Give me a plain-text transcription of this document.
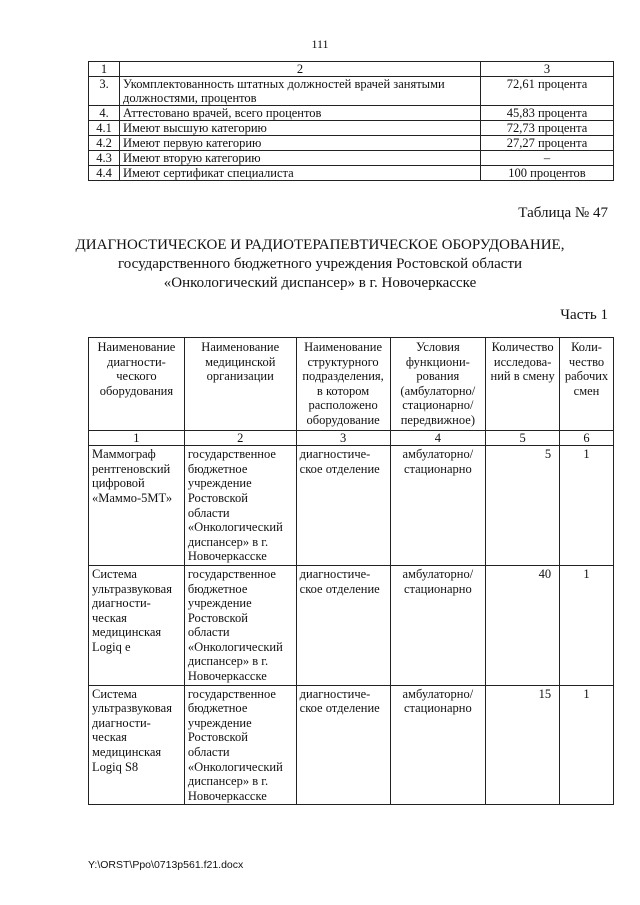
111
1	2	3
3.	Укомплектованность штатных должностей врачей занятыми должностями, процентов	72,61 процента
4.	Аттестовано врачей, всего процентов	45,83 процента
4.1	Имеют высшую категорию	72,73 процента
4.2	Имеют первую категорию	27,27 процента
4.3	Имеют вторую категорию	–
4.4	Имеют сертификат специалиста	100 процентов
Таблица № 47
ДИАГНОСТИЧЕСКОЕ И РАДИОТЕРАПЕВТИЧЕСКОЕ ОБОРУДОВАНИЕ,
государственного бюджетного учреждения Ростовской области
«Онкологический диспансер» в г. Новочеркасске
Часть 1
Наименование диагности-ческого оборудования	Наименование медицинской организации	Наименование структурного подразделения, в котором расположено оборудование	Условия функциони-рования (амбулаторно/ стационарно/ передвижное)	Количество исследова-ний в смену	Коли-чество рабочих смен
1	2	3	4	5	6
Маммограф рентгеновский цифровой «Маммо-5МТ»	государственное бюджетное учреждение Ростовской области «Онкологический диспансер» в г. Новочеркасске	диагностиче-ское отделение	амбулаторно/ стационарно	5	1
Система ультразвуковая диагности-ческая медицинская Logiq e	государственное бюджетное учреждение Ростовской области «Онкологический диспансер» в г. Новочеркасске	диагностиче-ское отделение	амбулаторно/ стационарно	40	1
Система ультразвуковая диагности-ческая медицинская Logiq S8	государственное бюджетное учреждение Ростовской области «Онкологический диспансер» в г. Новочеркасске	диагностиче-ское отделение	амбулаторно/ стационарно	15	1
Y:\ORST\Ppo\0713p561.f21.docx
